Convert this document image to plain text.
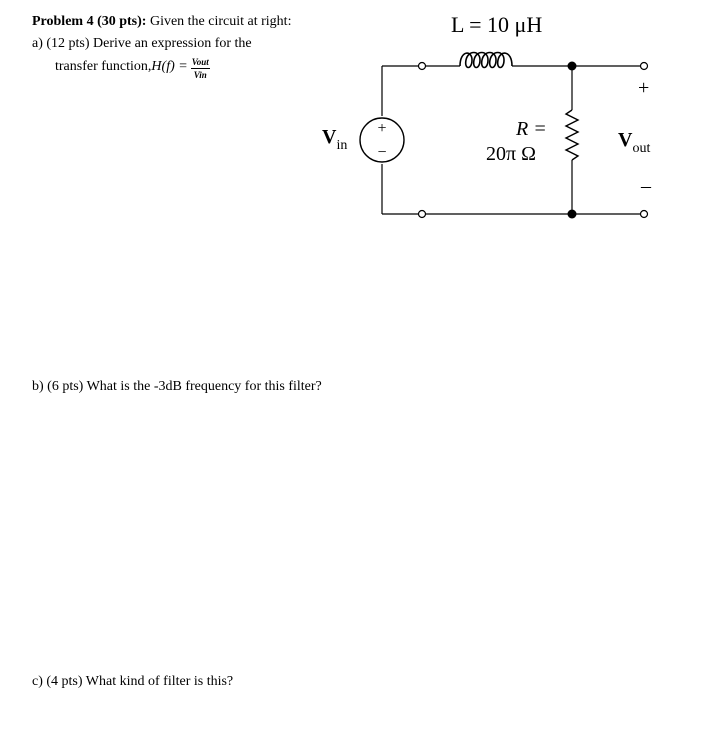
Problem 4 (30 pts): Given the circuit at right:
a) (12 pts) Derive an expression for the
transfer function, $H(f) = \frac{\text{Vout}}{\text{Vin}}$
+
−
L = 10 μH
R =
20π Ω
$V_{in}$	$V_{out}$
+
–
b) (6 pts) What is the -3dB frequency for this filter?
c) (4 pts) What kind of filter is this?
